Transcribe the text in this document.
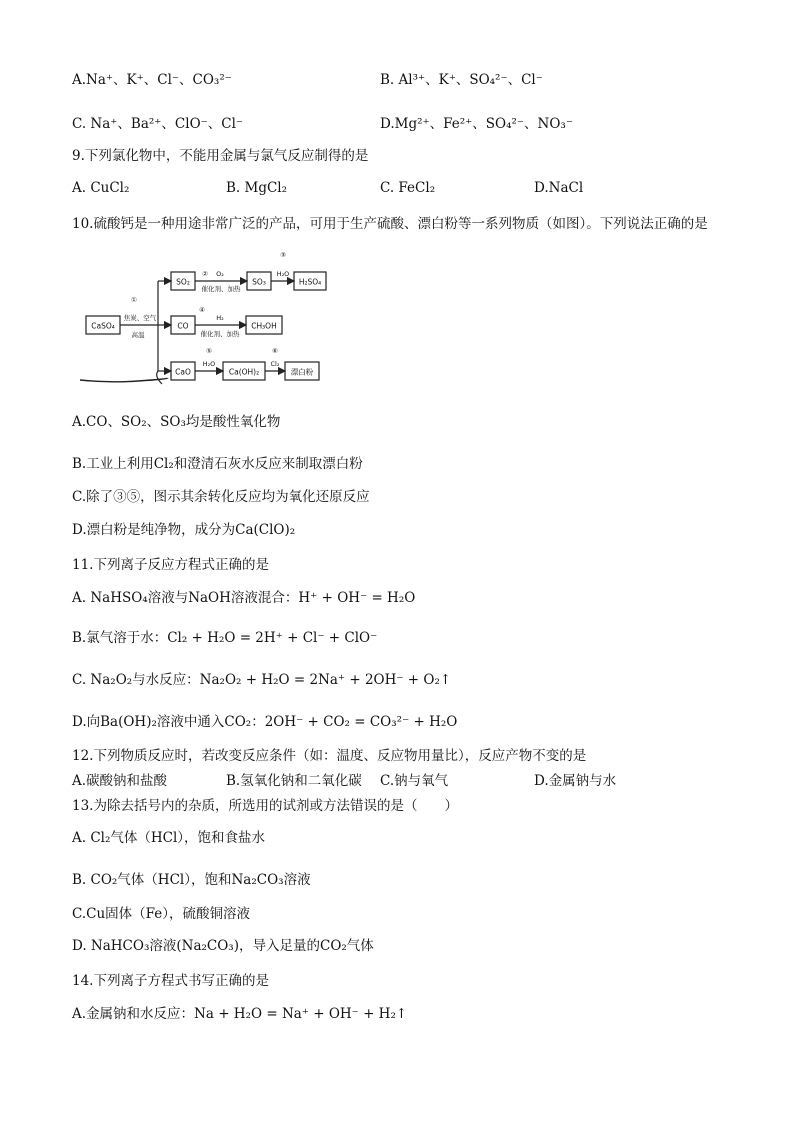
A.Na⁺、K⁺、Cl⁻、CO₃²⁻	B. Al³⁺、K⁺、SO₄²⁻、Cl⁻
C. Na⁺、Ba²⁺、ClO⁻、Cl⁻	D.Mg²⁺、Fe²⁺、SO₄²⁻、NO₃⁻
9.下列氯化物中，不能用金属与氯气反应制得的是
A. CuCl₂	B. MgCl₂	C. FeCl₂	D.NaCl
10.硫酸钙是一种用途非常广泛的产品，可用于生产硫酸、漂白粉等一系列物质（如图）。下列说法正确的是
CaSO₄
SO₂	SO₃	H₂SO₄
CO	CH₃OH
CaO	Ca(OH)₂	漂白粉
①
焦炭、空气
高温
② O₂
催化剂、加热
③
H₂O
④
H₂
催化剂、加热
⑤
H₂O
⑥
Cl₂
A.CO、SO₂、SO₃均是酸性氧化物
B.工业上利用Cl₂和澄清石灰水反应来制取漂白粉
C.除了③⑤，图示其余转化反应均为氧化还原反应
D.漂白粉是纯净物，成分为Ca(ClO)₂
11.下列离子反应方程式正确的是
A. NaHSO₄溶液与NaOH溶液混合：H⁺ + OH⁻ = H₂O
B.氯气溶于水：Cl₂ + H₂O = 2H⁺ + Cl⁻ + ClO⁻
C. Na₂O₂与水反应：Na₂O₂ + H₂O = 2Na⁺ + 2OH⁻ + O₂↑
D.向Ba(OH)₂溶液中通入CO₂：2OH⁻ + CO₂ = CO₃²⁻ + H₂O
12.下列物质反应时，若改变反应条件（如：温度、反应物用量比），反应产物不变的是
A.碳酸钠和盐酸	B.氢氧化钠和二氧化碳 C.钠与氧气	D.金属钠与水
13.为除去括号内的杂质，所选用的试剂或方法错误的是（　　）
A. Cl₂气体（HCl），饱和食盐水
B. CO₂气体（HCl），饱和Na₂CO₃溶液
C.Cu固体（Fe），硫酸铜溶液
D. NaHCO₃溶液(Na₂CO₃)，导入足量的CO₂气体
14.下列离子方程式书写正确的是
A.金属钠和水反应：Na + H₂O = Na⁺ + OH⁻ + H₂↑
